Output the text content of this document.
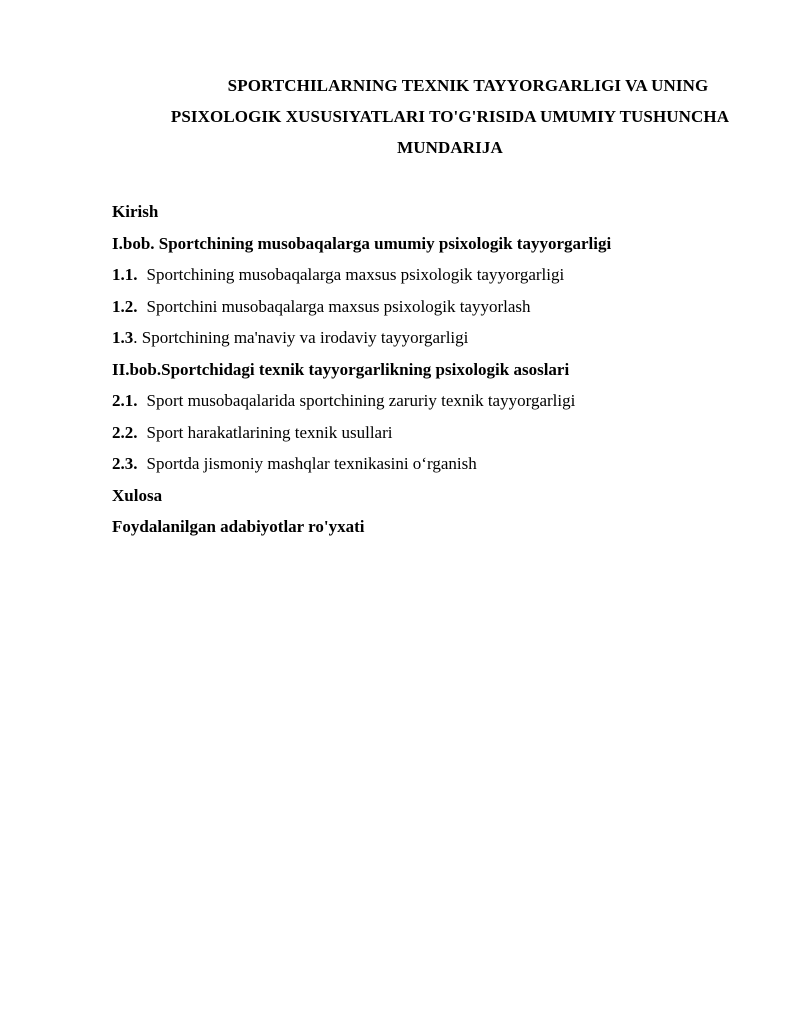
SPORTCHILARNING TEXNIK TAYYORGARLIGI VA UNING
PSIXOLOGIK XUSUSIYATLARI TO'G'RISIDA UMUMIY TUSHUNCHA
MUNDARIJA
Kirish
I.bob. Sportchining musobaqalarga umumiy psixologik tayyorgarligi
1.1. Sportchining musobaqalarga maxsus psixologik tayyorgarligi
1.2. Sportchini musobaqalarga maxsus psixologik tayyorlash
1.3. Sportchining ma'naviy va irodaviy tayyorgarligi
II.bob.Sportchidagi texnik tayyorgarlikning psixologik asoslari
2.1. Sport musobaqalarida sportchining zaruriy texnik tayyorgarligi
2.2. Sport harakatlarining texnik usullari
2.3. Sportda jismoniy mashqlar texnikasini o‘rganish
Xulosa
Foydalanilgan adabiyotlar ro'yxati
